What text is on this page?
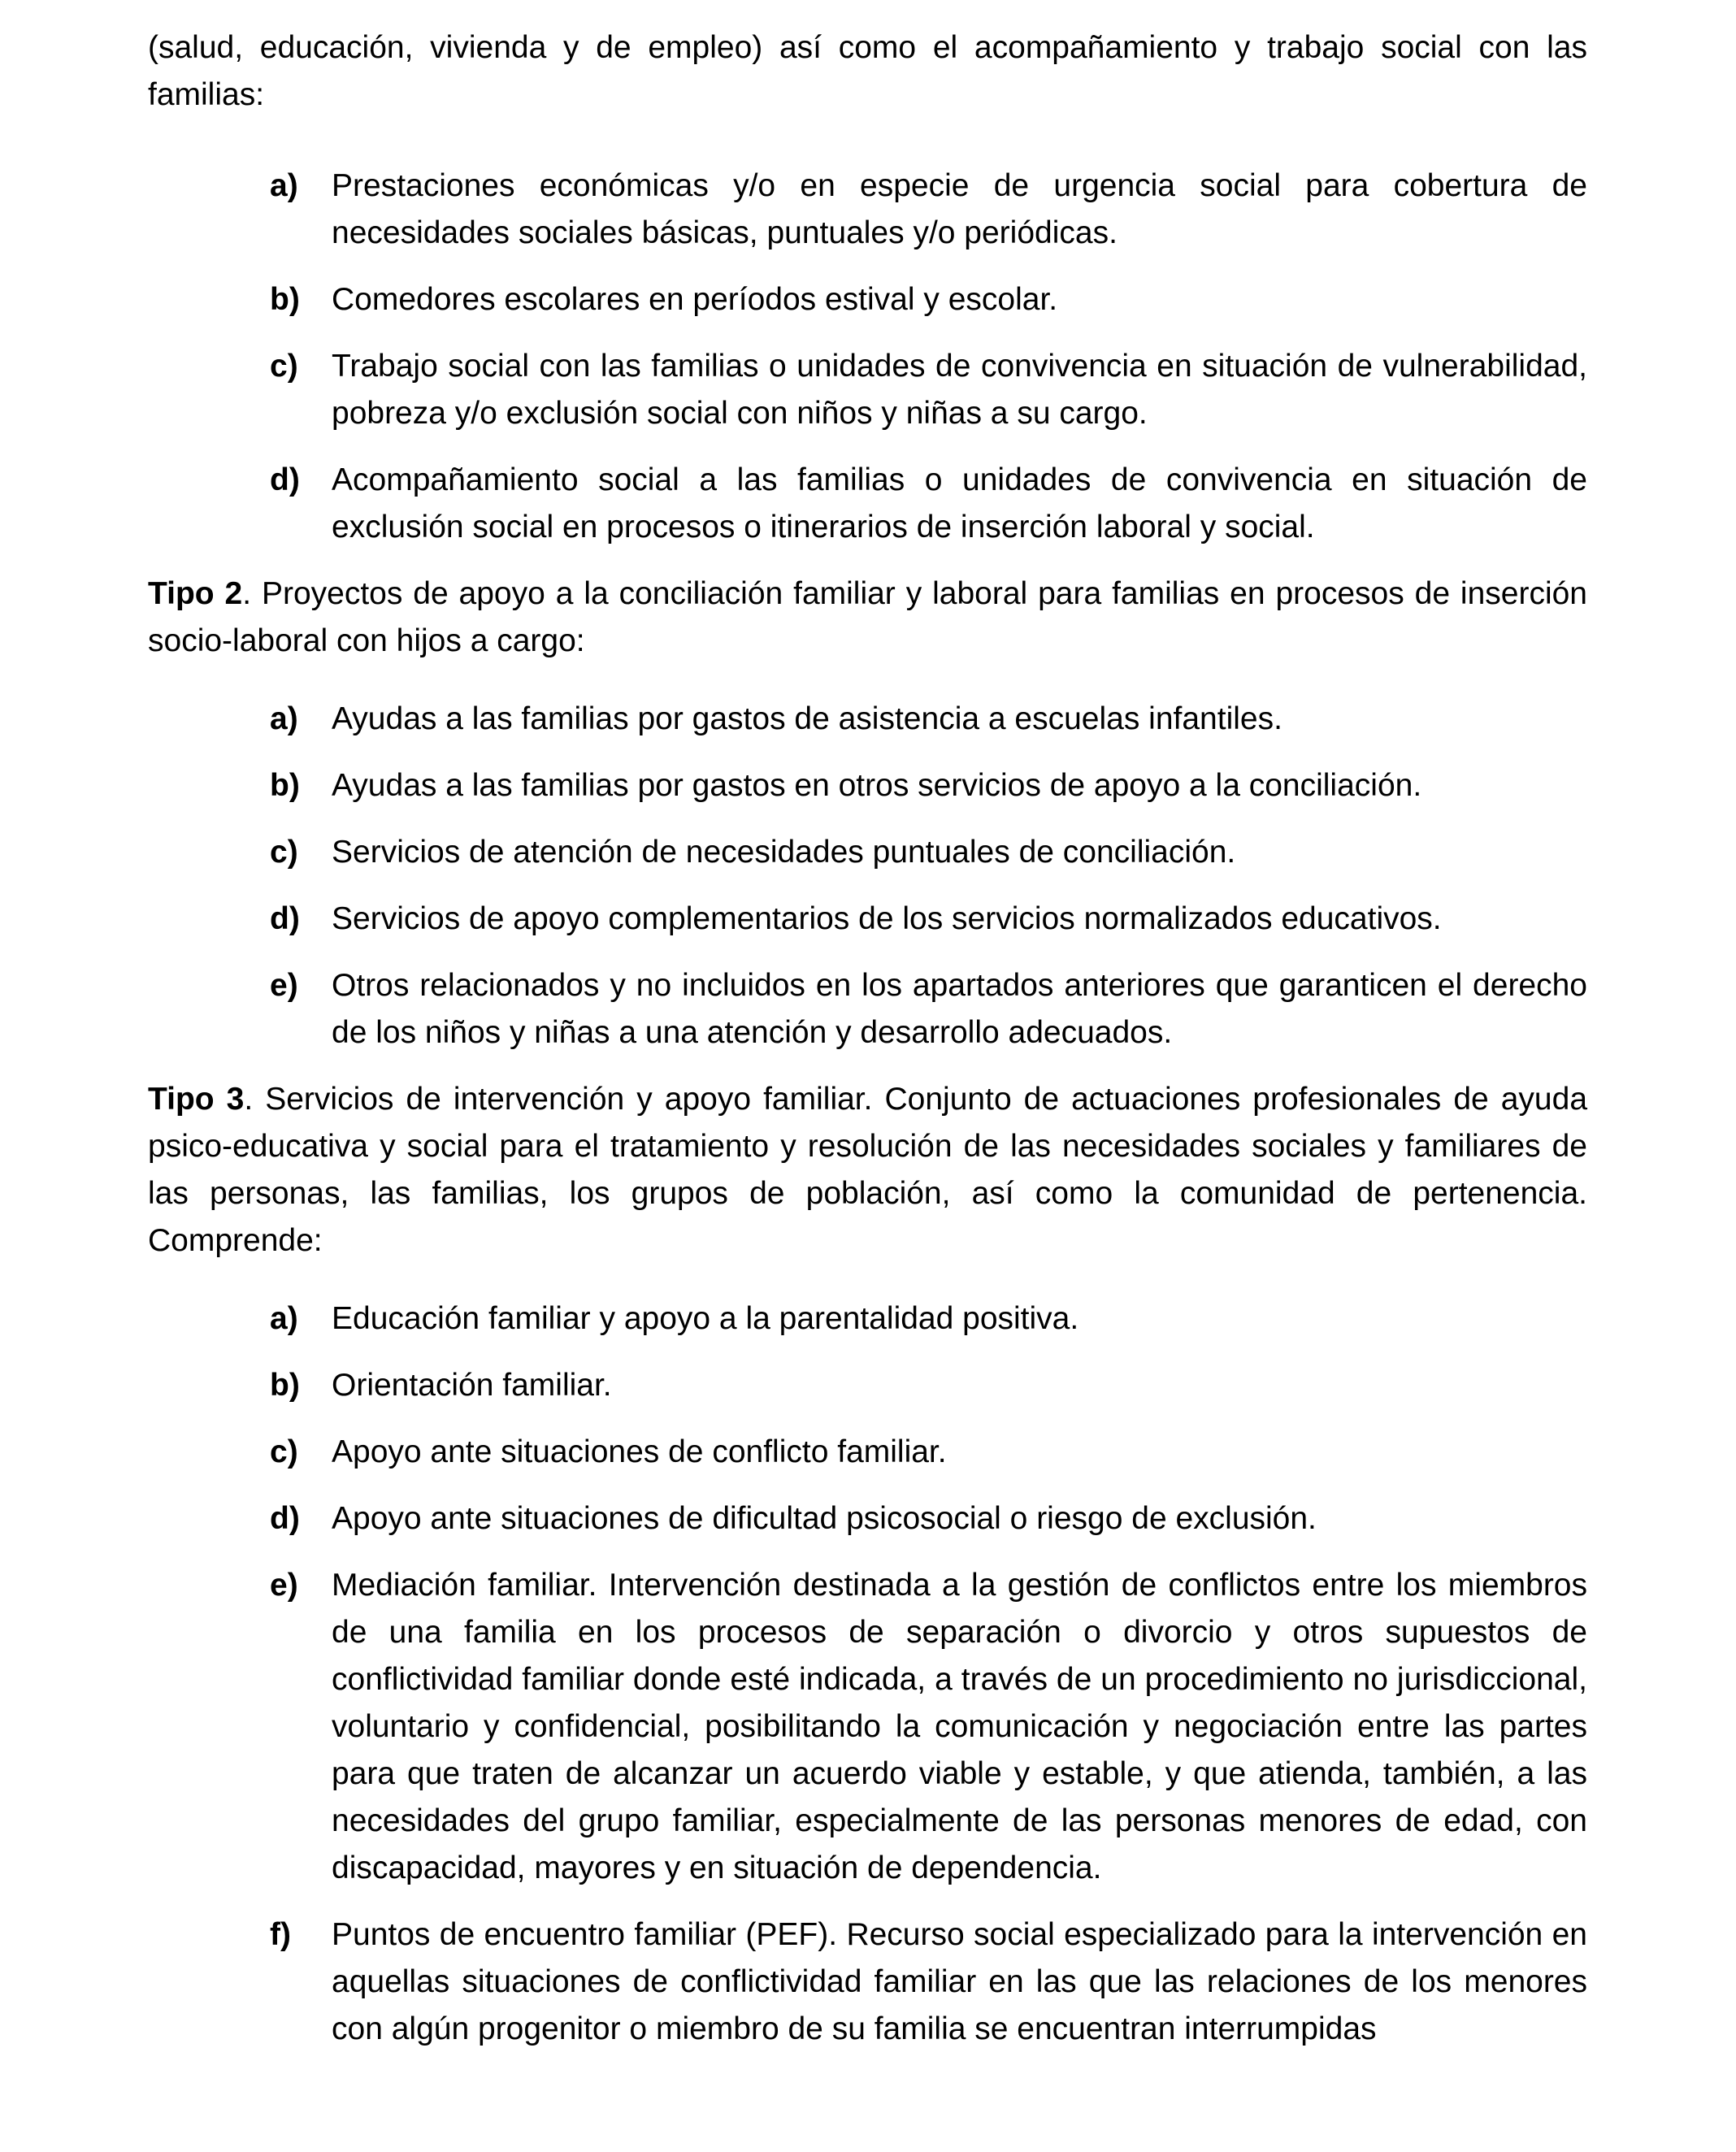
(salud, educación, vivienda y de empleo) así como el acompañamiento y trabajo social con las familias:

a)	Prestaciones económicas y/o en especie de urgencia social para cobertura de necesidades sociales básicas, puntuales y/o periódicas.
b)	Comedores escolares en períodos estival y escolar.
c)	Trabajo social con las familias o unidades de convivencia en situación de vulnerabilidad, pobreza y/o exclusión social con niños y niñas a su cargo.
d)	Acompañamiento social a las familias o unidades de convivencia en situación de exclusión social en procesos o itinerarios de inserción laboral y social.

Tipo 2. Proyectos de apoyo a la conciliación familiar y laboral para familias en procesos de inserción socio-laboral con hijos a cargo:

a)	Ayudas a las familias por gastos de asistencia a escuelas infantiles.
b)	Ayudas a las familias por gastos en otros servicios de apoyo a la conciliación.
c)	Servicios de atención de necesidades puntuales de conciliación.
d)	Servicios de apoyo complementarios de los servicios normalizados educativos.
e)	Otros relacionados y no incluidos en los apartados anteriores que garanticen el derecho de los niños y niñas a una atención y desarrollo adecuados.

Tipo 3. Servicios de intervención y apoyo familiar. Conjunto de actuaciones profesionales de ayuda psico-educativa y social para el tratamiento y resolución de las necesidades sociales y familiares de las personas, las familias, los grupos de población, así como la comunidad de pertenencia. Comprende:

a)	Educación familiar y apoyo a la parentalidad positiva.
b)	Orientación familiar.
c)	Apoyo ante situaciones de conflicto familiar.
d)	Apoyo ante situaciones de dificultad psicosocial o riesgo de exclusión.
e)	Mediación familiar. Intervención destinada a la gestión de conflictos entre los miembros de una familia en los procesos de separación o divorcio y otros supuestos de conflictividad familiar donde esté indicada, a través de un procedimiento no jurisdiccional, voluntario y confidencial, posibilitando la comunicación y negociación entre las partes para que traten de alcanzar un acuerdo viable y estable, y que atienda, también, a las necesidades del grupo familiar, especialmente de las personas menores de edad, con discapacidad, mayores y en situación de dependencia.
f)	Puntos de encuentro familiar (PEF). Recurso social especializado para la intervención en aquellas situaciones de conflictividad familiar en las que las relaciones de los menores con algún progenitor o miembro de su familia se encuentran interrumpidas
